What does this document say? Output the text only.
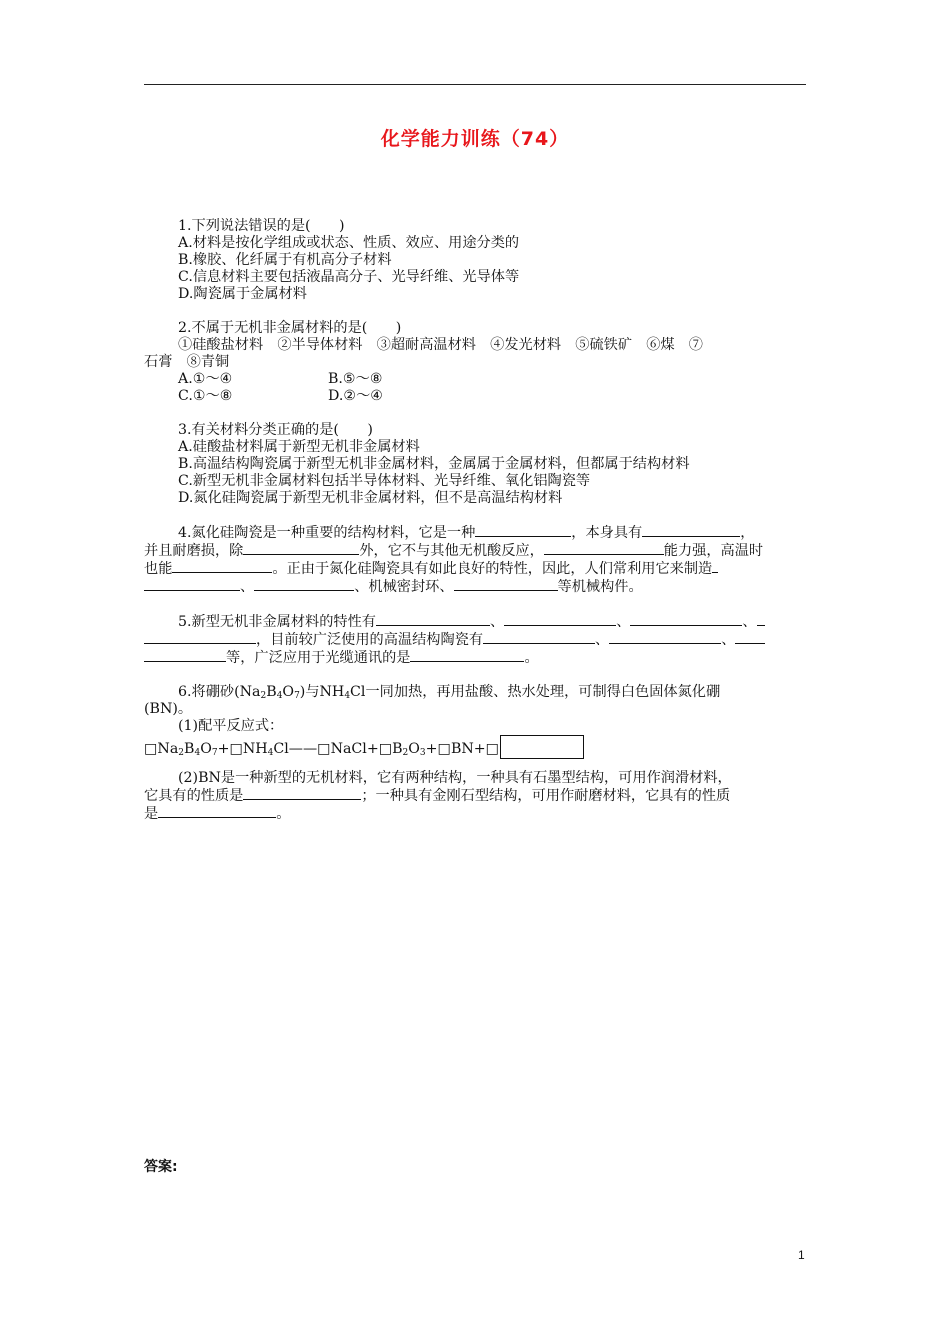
化学能力训练（74）
1.下列说法错误的是(　　)
A.材料是按化学组成或状态、性质、效应、用途分类的
B.橡胶、化纤属于有机高分子材料
C.信息材料主要包括液晶高分子、光导纤维、光导体等
D.陶瓷属于金属材料
2.不属于无机非金属材料的是(　　)
①硅酸盐材料　②半导体材料　③超耐高温材料　④发光材料　⑤硫铁矿　⑥煤　⑦
石膏　⑧青铜
A.①～④	B.⑤～⑧
C.①～⑧	D.②～④
3.有关材料分类正确的是(　　)
A.硅酸盐材料属于新型无机非金属材料
B.高温结构陶瓷属于新型无机非金属材料，金属属于金属材料，但都属于结构材料
C.新型无机非金属材料包括半导体材料、光导纤维、氧化铝陶瓷等
D.氮化硅陶瓷属于新型无机非金属材料，但不是高温结构材料
4.氮化硅陶瓷是一种重要的结构材料，它是一种	，本身具有	，
并且耐磨损，除	外，它不与其他无机酸反应，	能力强，高温时
也能	。正由于氮化硅陶瓷具有如此良好的特性，因此，人们常利用它来制造
、	、机械密封环、	等机械构件。
5.新型无机非金属材料的特性有	、	、	、
，目前较广泛使用的高温结构陶瓷有	、	、
等，广泛应用于光缆通讯的是	。
6.将硼砂$(Na_2B_4O_7)$与$NH_4Cl$一同加热，再用盐酸、热水处理，可制得白色固体氮化硼
(BN)。
(1)配平反应式：
$□Na_2B_4O_7+□NH_4Cl——□NaCl+□B_2O_3+□BN+□$
(2)BN是一种新型的无机材料，它有两种结构，一种具有石墨型结构，可用作润滑材料，
它具有的性质是	；一种具有金刚石型结构，可用作耐磨材料，它具有的性质
是	。
答案:
1
